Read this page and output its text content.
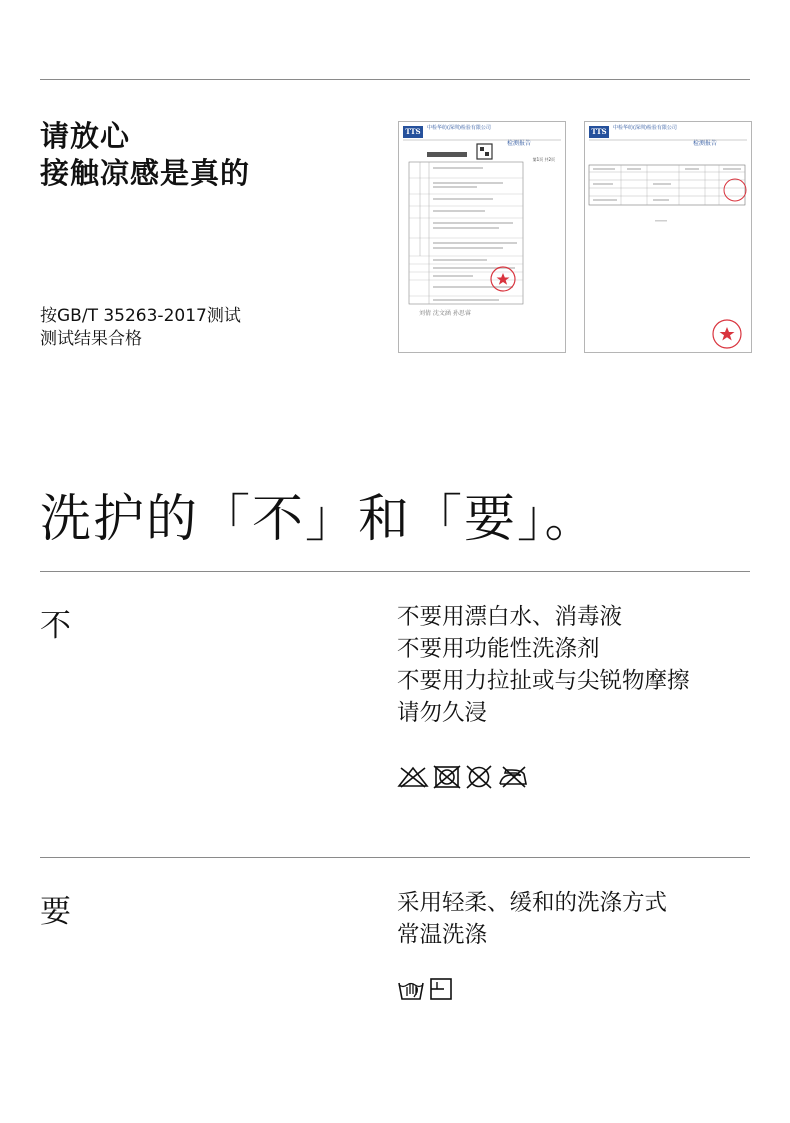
请放心
接触凉感是真的
按GB/T 35263-2017测试
测试结果合格
TTS	中检华纺(深圳)检验有限公司
检测报告
第1页 共2页
刘倩 沈文涵 孙思睿
TTS	中检华纺(深圳)检验有限公司
检测报告
洗护的「不」和「要」。
不	不要用漂白水、消毒液
不要用功能性洗涤剂
不要用力拉扯或与尖锐物摩擦
请勿久浸
要	采用轻柔、缓和的洗涤方式
常温洗涤
